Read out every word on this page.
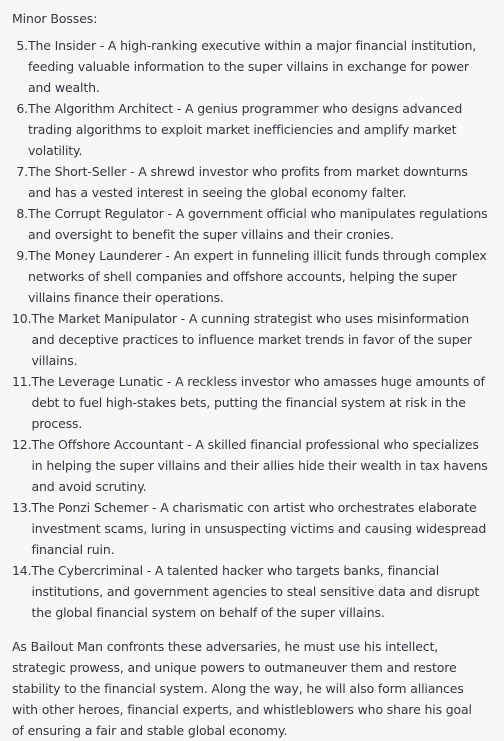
Minor Bosses:

5. The Insider - A high-ranking executive within a major financial institution, feeding valuable information to the super villains in exchange for power and wealth.
6. The Algorithm Architect - A genius programmer who designs advanced trading algorithms to exploit market inefficiencies and amplify market volatility.
7. The Short-Seller - A shrewd investor who profits from market downturns and has a vested interest in seeing the global economy falter.
8. The Corrupt Regulator - A government official who manipulates regulations and oversight to benefit the super villains and their cronies.
9. The Money Launderer - An expert in funneling illicit funds through complex networks of shell companies and offshore accounts, helping the super villains finance their operations.
10. The Market Manipulator - A cunning strategist who uses misinformation and deceptive practices to influence market trends in favor of the super villains.
11. The Leverage Lunatic - A reckless investor who amasses huge amounts of debt to fuel high-stakes bets, putting the financial system at risk in the process.
12. The Offshore Accountant - A skilled financial professional who specializes in helping the super villains and their allies hide their wealth in tax havens and avoid scrutiny.
13. The Ponzi Schemer - A charismatic con artist who orchestrates elaborate investment scams, luring in unsuspecting victims and causing widespread financial ruin.
14. The Cybercriminal - A talented hacker who targets banks, financial institutions, and government agencies to steal sensitive data and disrupt the global financial system on behalf of the super villains.

As Bailout Man confronts these adversaries, he must use his intellect, strategic prowess, and unique powers to outmaneuver them and restore stability to the financial system. Along the way, he will also form alliances with other heroes, financial experts, and whistleblowers who share his goal of ensuring a fair and stable global economy.
